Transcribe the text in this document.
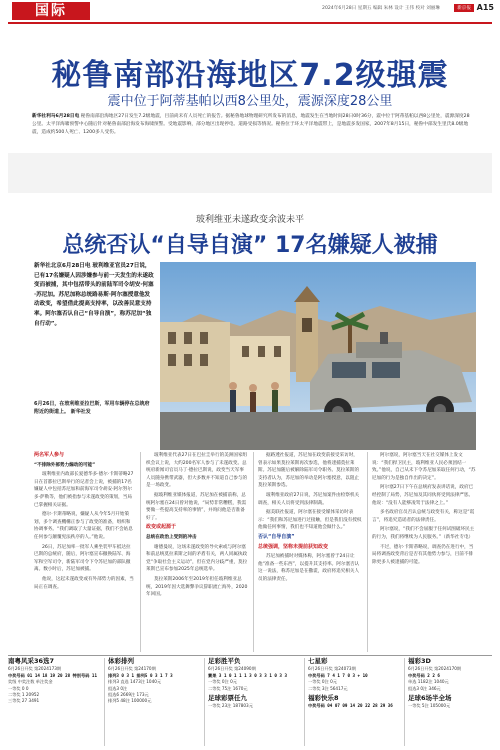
国际	2024年6月28日 星期五 编辑 朱林 设计 王伟 校对 刘丽琳	新京报 A15
秘鲁南部沿海地区7.2级强震
震中位于阿蒂基帕以西8公里处，震源深度28公里
新华社利马6月28日电 秘鲁南部沿海地区27日发生7.2级地震，目前尚未有人员死亡的报告。据秘鲁地球物理研究所发布的消息，地震发生在当地时间28日0时36分，震中位于阿蒂基帕以西8公里处，震源深度28公里。太平洋海啸预警中心随后针对秘鲁南部沿海发布海啸预警。受地震影响，部分地区出现停电、道路受损等情况。秘鲁位于环太平洋地震带上，是地震多发国家，2007年8月15日，秘鲁中部发生里氏8.0级地震，造成约500人死亡、1200多人受伤。
玻利维亚未遂政变余波未平
总统否认“自导自演” 17名嫌疑人被捕
新华社北京6月28日电 玻利维亚官员27日说，已有17名嫌疑人因涉嫌参与前一天发生的未遂政变而被捕，其中包括带头的前陆军司令胡安·何塞·苏尼加。苏尼加称总统路易斯·阿尔塞授意他发动政变，希望借此提高支持率，以改善民意支持率。阿尔塞否认自己“自导自演”，称苏尼加“独自行动”。
6月26日，在玻利维亚拉巴斯，军用车辆停在总统府附近的街道上。 新华社发

两名军人参与

“不排除外部势力煽动的可能”

玻利维亚内政部长爱德华多·德尔·卡斯蒂略27日在首都拉巴斯举行的记者会上说，被捕的17名嫌疑人中包括苏尼加和前海军司令胡安·阿尔努尔多·萨勒等，他们被指参与未遂政变的策划，当局已掌握相关证据。

德尔·卡斯蒂略说，嫌疑人从今年5月开始策划，多个调查機構正参与了政变的准备，组织和协调事务。“我们调取了大量证据，我们不会姑息任何参与颠覆宪法秩序的人。”他说。

26日，苏尼加率一批军人乘坐装甲车抵达拉巴斯的总统府，随后，阿尔塞宣布撤换陆军、海军和空军司令，新陆军司令下令苏尼加的部队撤离。数小时后，苏尼加被捕。

他说，这起未遂政变或有外部势力的因素，当局正在调查。

玻利维亚代表27日在巴拉圭举行的美洲国家组织会议上说，大约200名军人参与了未遂政变。总统府新闻司官员马丁·德拉巴斯说，政变当天军事人员随身携带武器，但大多数并不知道自己参与的是一场政变。

据玻利维亚媒体报道，苏尼加在被捕前称，总统阿尔塞在24日曾对他说，“局势非常糟糕，我需要做一些提高支持率的事情”，并询问他是否准备好了。

政变或起源于

总统在政治上受到的冲击

谢德曼说，这场未遂政变的导火索或与阿尔塞和前总统莫拉莱斯之间的矛盾有关，两人同属执政党“争取社会主义运动”，但在党内分歧严重，莫拉莱斯已宣布参加2025年总统选举。

莫拉莱斯2006年至2019年担任玻利维亚总统，2019年因大选舞弊争议辞职流亡海外，2020年回国。

据路透社报道，苏尼加在政变前接受采访时，曾表示如果莫拉莱斯再次参选，他将逮捕莫拉莱斯。苏尼加随后被解除陆军司令职务。莫拉莱斯的支持者认为，苏尼加的举动是阿尔塞授意，以阻止莫拉莱斯参选。

玻利维亚政府27日说，苏尼加案件由检察机关调查，相关人员将受到法律制裁。

据美联社报道，阿尔塞在接受媒体采访时表示：“我们和苏尼加进行过接触，但是我们没有授权他做任何事情，我们也不知道他会做什么。”

否认“自导自演”

总统强调，坚称未提前获知政变

苏尼加被捕时对媒体称，阿尔塞曾于24日让他“准备一些东西”，以提升其支持率。阿尔塞否认这一说法，称苏尼加是在撒谎，政府将追究相关人员的法律责任。

阿尔塞说，阿尔塞当天在社交媒体上发文说：“我们捍卫民主，玻利维亚人民必须团结一致。”他说，自己从未下令苏尼加采取任何行动，“苏尼加的行为是独自作出的决定”。

阿尔塞27日下午在总统府发表讲话说，政府已经控制了局势，苏尼加及其同伙将受到法律严惩。他说：“没有人能够凌驾于法律之上。”

多名政府官员否认总统与政变有关，称这是“谎言”，将追究造谣者的法律责任。

阿尔塞说，“我们不会屈服于任何试图破坏民主的行为，我们将继续为人民服务。”（新华社专电）

不过，德尔·卡斯蒂略说，调查仍在进行中，当局将调查政变背后是否有其他势力参与，目前不排除更多人被逮捕的可能。

南粤风采36选7
6月26日开奖 第2024173期
中奖号码 01 14 18 19 20 28 特别号码 11
奖级 中奖注数 单注奖金
一等奖 0 0
二等奖 1 20952
三等奖 27 3491
体彩排列
6月26日开奖 第24170期
排列3 0 3 1 排列5 0 3 1 7 3
排列3 直选 1473注 1040元
组选3 0注
组选6 2669注 173元
排列5 48注 100000元
足彩胜平负
6月26日开奖 第24090期
赛果 3 1 0 1 1 1 3 0 3 3 1 0 3 3
一等奖 0注 0元
二等奖 75注 1670元
足球彩票任九
一等奖 23注 187803元
七星彩
6月26日开奖 第24073期
中奖号码 7 4 1 7 0 3 + 10
一等奖 0注 0元
二等奖 3注 56417元
福彩快乐8
中奖号码 04 07 09 14 20 22 28 29 36
福彩3D
6月26日开奖 第2024170期
中奖号码 2 2 6
单选 1182注 1040元
组选3 0注 346元
足球6场半全场
一等奖 5注 105000元
